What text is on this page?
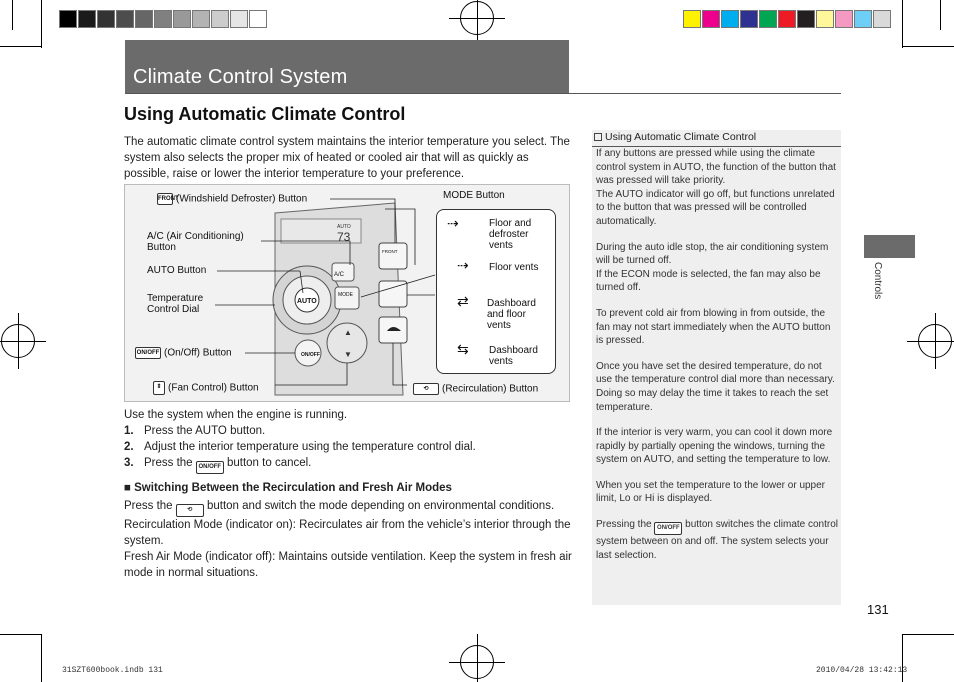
Climate Control System
Using Automatic Climate Control
The automatic climate control system maintains the interior temperature you select. The system also selects the proper mix of heated or cooled air that will as quickly as possible, raise or lower the interior temperature to your preference.
AUTO
73
AUTO
A/C
MODE
▲
▼
ON/OFF
FRONT
FRONT(Windshield Defroster) Button	MODE Button
A/C (Air Conditioning) Button
AUTO Button
Temperature Control Dial
ON/OFF (On/Off) Button
⇕ (Fan Control) Button	⟲ (Recirculation) Button
⇢	Floor and defroster vents
⇢ Floor vents
⇄ Dashboard and floor vents
⇆ Dashboard vents
Use the system when the engine is running.
1. Press the AUTO button.
2. Adjust the interior temperature using the temperature control dial.
3. Press the ON/OFF button to cancel.
■ Switching Between the Recirculation and Fresh Air Modes
Press the ⟲ button and switch the mode depending on environmental conditions.
Recirculation Mode (indicator on): Recirculates air from the vehicle’s interior through the system.
Fresh Air Mode (indicator off): Maintains outside ventilation. Keep the system in fresh air mode in normal situations.
Using Automatic Climate Control
If any buttons are pressed while using the climate control system in AUTO, the function of the button that was pressed will take priority.
The AUTO indicator will go off, but functions unrelated to the button that was pressed will be controlled automatically.
During the auto idle stop, the air conditioning system will be turned off.
If the ECON mode is selected, the fan may also be turned off.
To prevent cold air from blowing in from outside, the fan may not start immediately when the AUTO button is pressed.
Once you have set the desired temperature, do not use the temperature control dial more than necessary.
Doing so may delay the time it takes to reach the set temperature.
If the interior is very warm, you can cool it down more rapidly by partially opening the windows, turning the system on AUTO, and setting the temperature to low.
When you set the temperature to the lower or upper limit, Lo or Hi is displayed.
Pressing the ON/OFF button switches the climate control system between on and off. The system selects your last selection.
Controls
131
31SZT600book.indb 131	2010/04/28 13:42:13
